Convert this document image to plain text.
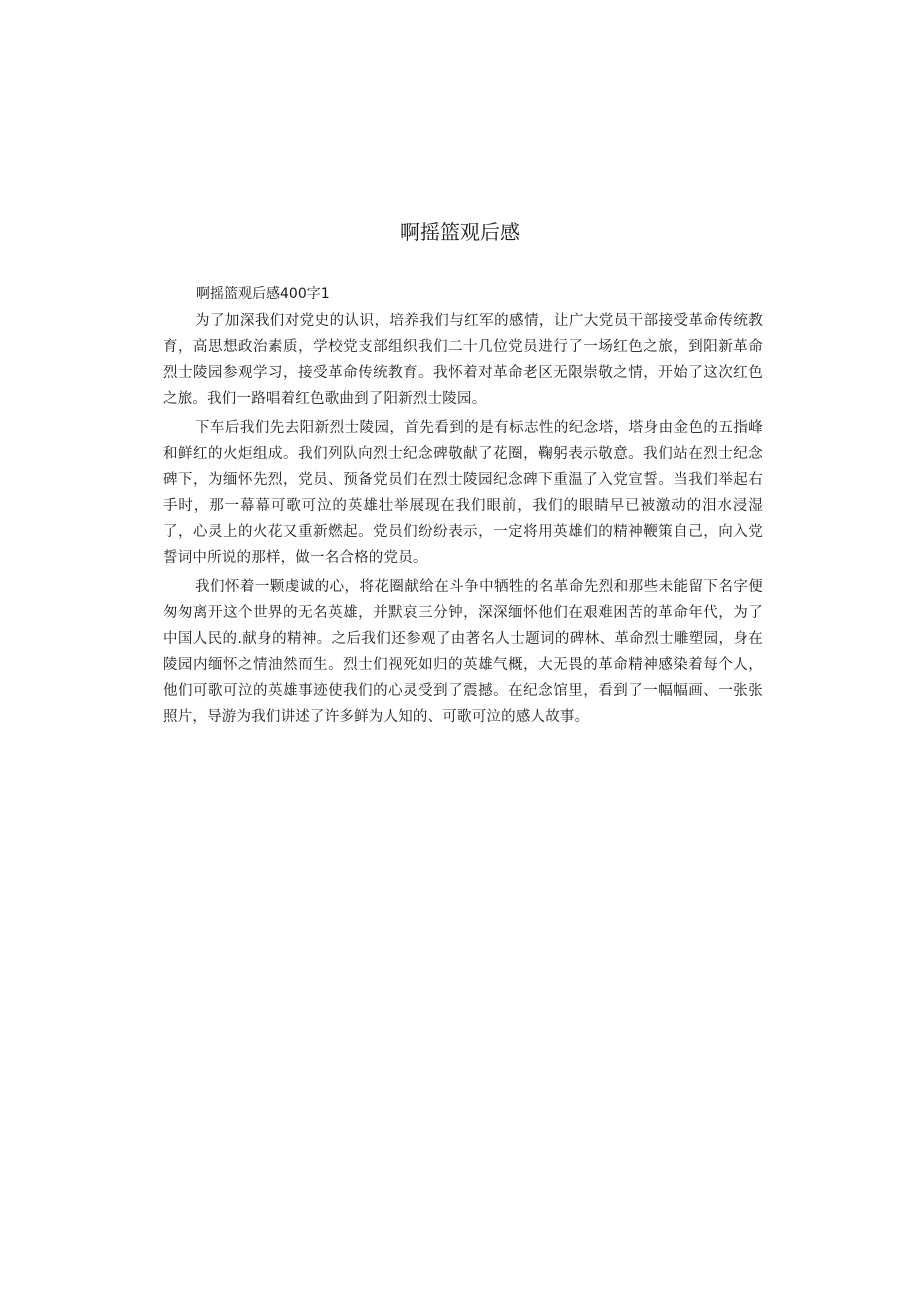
啊摇篮观后感

啊摇篮观后感400字1

为了加深我们对党史的认识，培养我们与红军的感情，让广大党员干部接受革命传统教育，高思想政治素质，学校党支部组织我们二十几位党员进行了一场红色之旅，到阳新革命烈士陵园参观学习，接受革命传统教育。我怀着对革命老区无限崇敬之情，开始了这次红色之旅。我们一路唱着红色歌曲到了阳新烈士陵园。

下车后我们先去阳新烈士陵园，首先看到的是有标志性的纪念塔，塔身由金色的五指峰和鲜红的火炬组成。我们列队向烈士纪念碑敬献了花圈，鞠躬表示敬意。我们站在烈士纪念碑下，为缅怀先烈，党员、预备党员们在烈士陵园纪念碑下重温了入党宣誓。当我们举起右手时，那一幕幕可歌可泣的英雄壮举展现在我们眼前，我们的眼睛早已被激动的泪水浸湿了，心灵上的火花又重新燃起。党员们纷纷表示，一定将用英雄们的精神鞭策自己，向入党誓词中所说的那样，做一名合格的党员。

我们怀着一颗虔诚的心，将花圈献给在斗争中牺牲的名革命先烈和那些未能留下名字便匆匆离开这个世界的无名英雄，并默哀三分钟，深深缅怀他们在艰难困苦的革命年代，为了中国人民的.献身的精神。之后我们还参观了由著名人士题词的碑林、革命烈士雕塑园，身在陵园内缅怀之情油然而生。烈士们视死如归的英雄气概，大无畏的革命精神感染着每个人，他们可歌可泣的英雄事迹使我们的心灵受到了震撼。在纪念馆里，看到了一幅幅画、一张张照片，导游为我们讲述了许多鲜为人知的、可歌可泣的感人故事。
